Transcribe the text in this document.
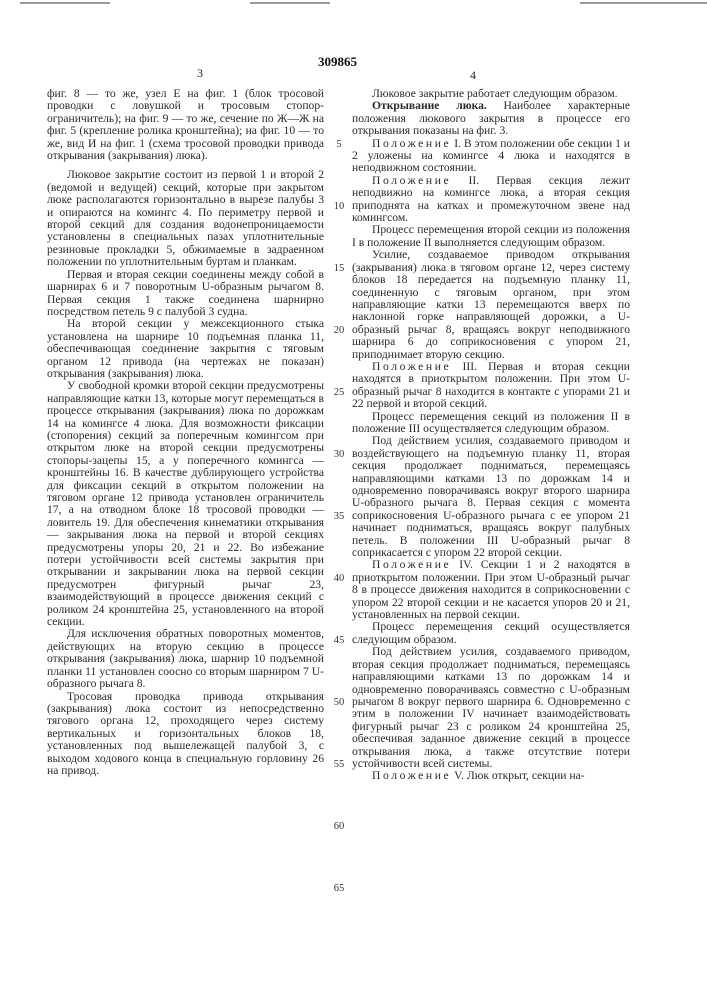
309865
3	4

фиг. 8 — то же, узел Е на фиг. 1 (блок тросовой проводки с ловушкой и тросовым стопор-ограничитель); на фиг. 9 — то же, сечение по Ж—Ж на фиг. 5 (крепление ролика кронштейна); на фиг. 10 — то же, вид И на фиг. 1 (схема тросовой проводки привода открывания (закрывания) люка).

Люковое закрытие состоит из первой 1 и второй 2 (ведомой и ведущей) секций, которые при закрытом люке располагаются горизонтально в вырезе палубы 3 и опираются на комингс 4. По периметру первой и второй секций для создания водонепроницаемости установлены в специальных пазах уплотнительные резиновые прокладки 5, обжимаемые в задраенном положении по уплотнительным буртам и планкам.

Первая и вторая секции соединены между собой в шарнирах 6 и 7 поворотным U-образным рычагом 8. Первая секция 1 также соединена шарнирно посредством петель 9 с палубой 3 судна.

На второй секции у межсекционного стыка установлена на шарнире 10 подъемная планка 11, обеспечивающая соединение закрытия с тяговым органом 12 привода (на чертежах не показан) открывания (закрывания) люка.

У свободной кромки второй секции предусмотрены направляющие катки 13, которые могут перемещаться в процессе открывания (закрывания) люка по дорожкам 14 на комингсе 4 люка. Для возможности фиксации (стопорения) секций за поперечным комингсом при открытом люке на второй секции предусмотрены стопоры-зацепы 15, а у поперечного комингса — кронштейны 16. В качестве дублирующего устройства для фиксации секций в открытом положении на тяговом органе 12 привода установлен ограничитель 17, а на отводном блоке 18 тросовой проводки — ловитель 19. Для обеспечения кинематики открывания — закрывания люка на первой и второй секциях предусмотрены упоры 20, 21 и 22. Во избежание потери устойчивости всей системы закрытия при открывании и закрывании люка на первой секции предусмотрен фигурный рычаг 23, взаимодействующий в процессе движения секций с роликом 24 кронштейна 25, установленного на второй секции.

Для исключения обратных поворотных моментов, действующих на вторую секцию в процессе открывания (закрывания) люка, шарнир 10 подъемной планки 11 установлен соосно со вторым шарниром 7 U-образного рычага 8.

Тросовая проводка привода открывания (закрывания) люка состоит из непосредственно тягового органа 12, проходящего через систему вертикальных и горизонтальных блоков 18, установленных под вышележащей палубой 3, с выходом ходового конца в специальную горловину 26 на привод.

Люковое закрытие работает следующим образом.

Открывание люка. Наиболее характерные положения люкового закрытия в процессе его открывания показаны на фиг. 3.

Положение I. В этом положении обе секции 1 и 2 уложены на комингсе 4 люка и находятся в неподвижном состоянии.

Положение II. Первая секция лежит неподвижно на комингсе люка, а вторая секция приподнята на катках и промежуточном звене над комингсом.

Процесс перемещения второй секции из положения I в положение II выполняется следующим образом.

Усилие, создаваемое приводом открывания (закрывания) люка в тяговом органе 12, через систему блоков 18 передается на подъемную планку 11, соединенную с тяговым органом, при этом направляющие катки 13 перемещаются вверх по наклонной горке направляющей дорожки, а U-образный рычаг 8, вращаясь вокруг неподвижного шарнира 6 до соприкосновения с упором 21, приподнимает вторую секцию.

Положение III. Первая и вторая секции находятся в приоткрытом положении. При этом U-образный рычаг 8 находится в контакте с упорами 21 и 22 первой и второй секций.

Процесс перемещения секций из положения II в положение III осуществляется следующим образом.

Под действием усилия, создаваемого приводом и воздействующего на подъемную планку 11, вторая секция продолжает подниматься, перемещаясь направляющими катками 13 по дорожкам 14 и одновременно поворачиваясь вокруг второго шарнира U-образного рычага 8. Первая секция с момента соприкосновения U-образного рычага с ее упором 21 начинает подниматься, вращаясь вокруг палубных петель. В положении III U-образный рычаг 8 соприкасается с упором 22 второй секции.

Положение IV. Секции 1 и 2 находятся в приоткрытом положении. При этом U-образный рычаг 8 в процессе движения находится в соприкосновении с упором 22 второй секции и не касается упоров 20 и 21, установленных на первой секции.

Процесс перемещения секций осуществляется следующим образом.

Под действием усилия, создаваемого приводом, вторая секция продолжает подниматься, перемещаясь направляющими катками 13 по дорожкам 14 и одновременно поворачиваясь совместно с U-образным рычагом 8 вокруг первого шарнира 6. Одновременно с этим в положении IV начинает взаимодействовать фигурный рычаг 23 с роликом 24 кронштейна 25, обеспечивая заданное движение секций в процессе открывания люка, а также отсутствие потери устойчивости всей системы.

Положение V. Люк открыт, секции на-

5
10
15
20
25
30
35
40
45
50
55
60
65
